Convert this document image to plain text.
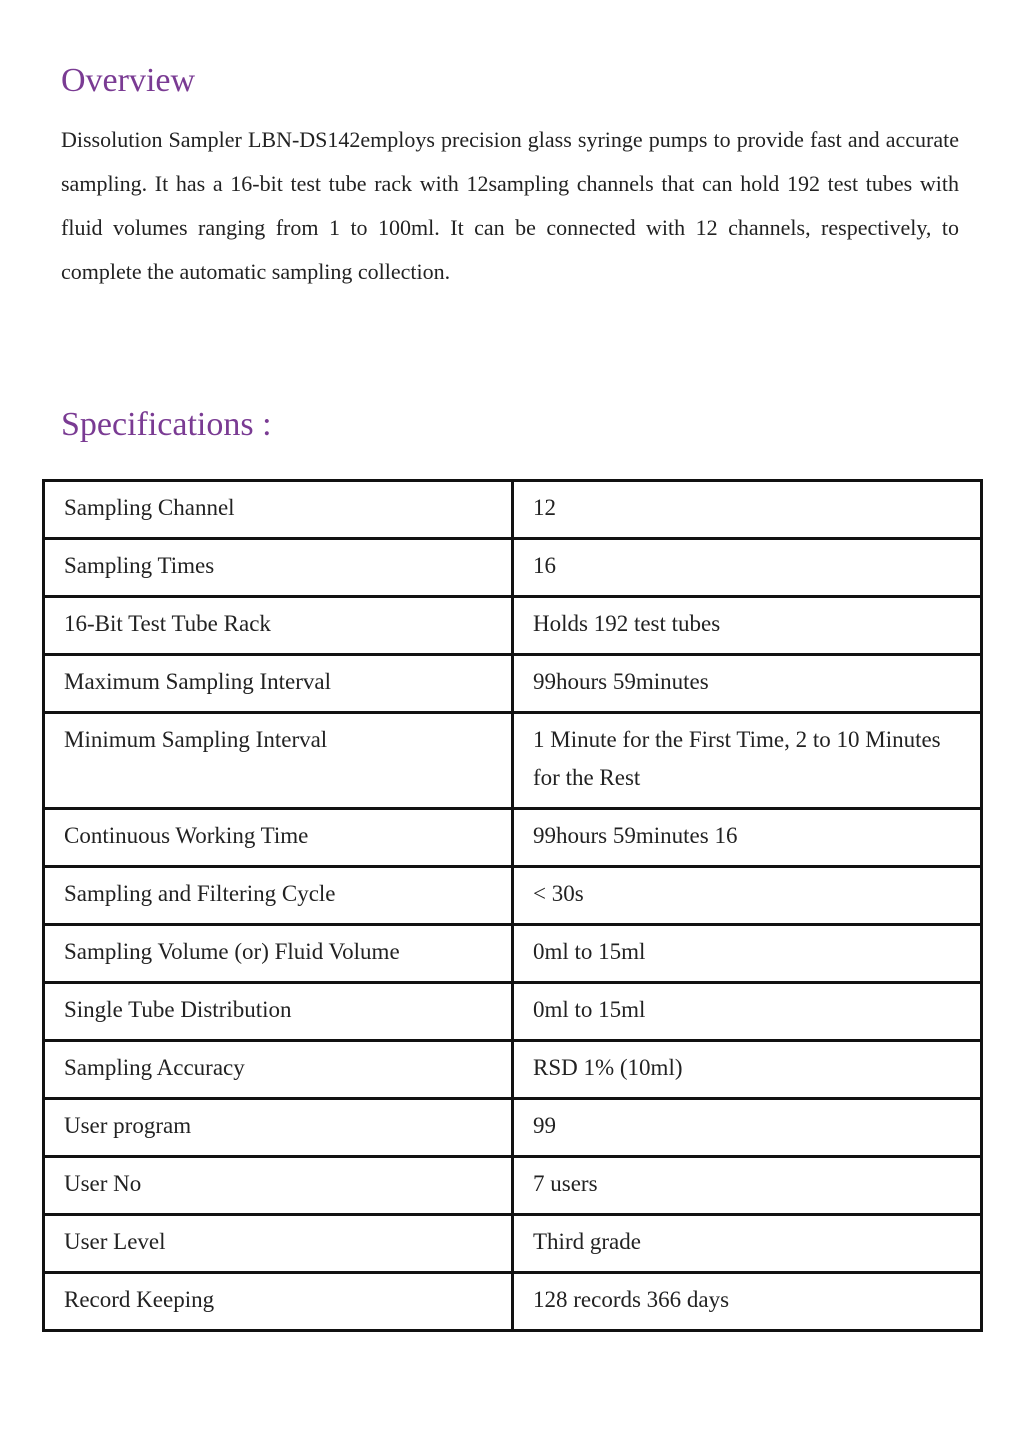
Overview

Dissolution Sampler LBN-DS142employs precision glass syringe pumps to provide fast and accurate sampling. It has a 16-bit test tube rack with 12sampling channels that can hold 192 test tubes with fluid volumes ranging from 1 to 100ml. It can be connected with 12 channels, respectively, to complete the automatic sampling collection.

Specifications :
Sampling Channel	12
Sampling Times	16
16-Bit Test Tube Rack	Holds 192 test tubes
Maximum Sampling Interval	99hours 59minutes
Minimum Sampling Interval	1 Minute for the First Time, 2 to 10 Minutes for the Rest
Continuous Working Time	99hours 59minutes 16
Sampling and Filtering Cycle	< 30s
Sampling Volume (or) Fluid Volume	0ml to 15ml
Single Tube Distribution	0ml to 15ml
Sampling Accuracy	RSD 1% (10ml)
User program	99
User No	7 users
User Level	Third grade
Record Keeping	128 records 366 days
